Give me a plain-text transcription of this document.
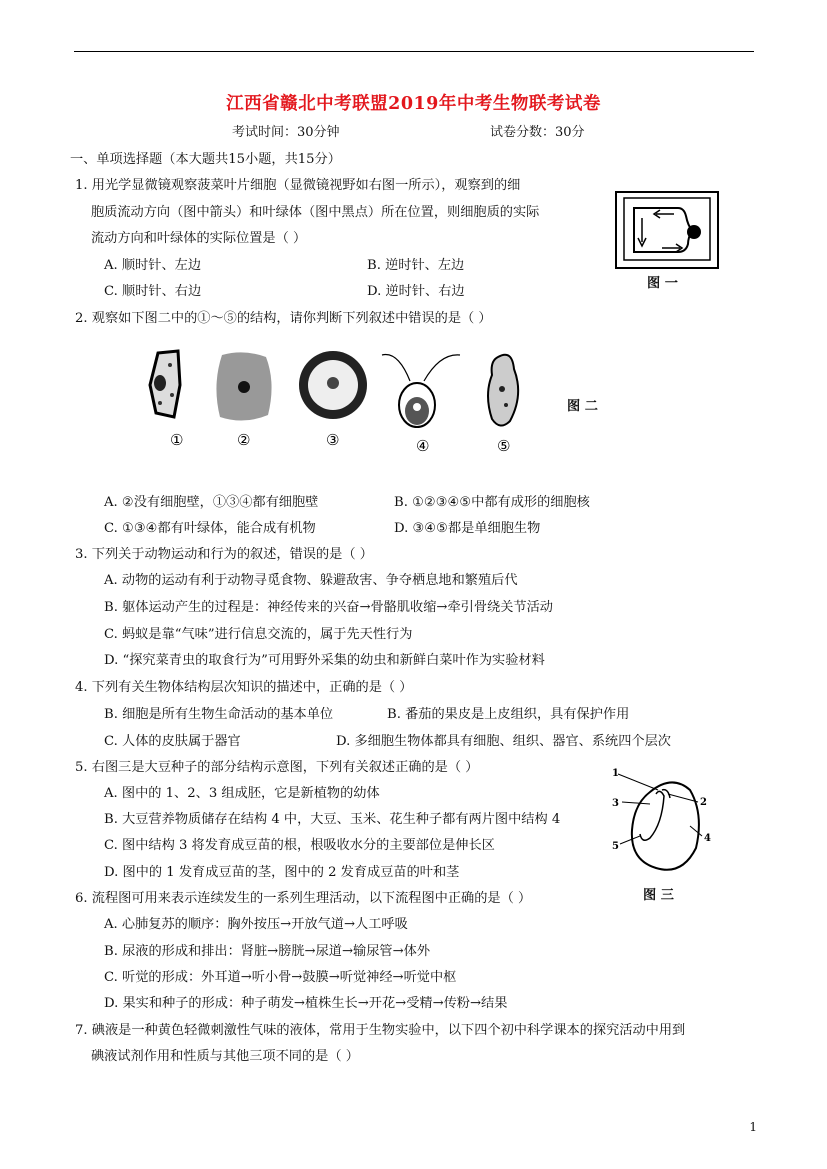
江西省赣北中考联盟2019年中考生物联考试卷
考试时间：30分钟	试卷分数：30分
一、单项选择题（本大题共15小题，共15分）
1. 用光学显微镜观察菠菜叶片细胞（显微镜视野如右图一所示），观察到的细
胞质流动方向（图中箭头）和叶绿体（图中黑点）所在位置，则细胞质的实际
流动方向和叶绿体的实际位置是（ ）
A. 顺时针、左边	B. 逆时针、左边
C. 顺时针、右边	D. 逆时针、右边
图 一
2. 观察如下图二中的①～⑤的结构，请你判断下列叙述中错误的是（ ）
①	②	③	④	⑤
图 二
A. ②没有细胞壁，①③④都有细胞壁	B. ①②③④⑤中都有成形的细胞核
C. ①③④都有叶绿体，能合成有机物	D. ③④⑤都是单细胞生物
3. 下列关于动物运动和行为的叙述，错误的是（ ）
A. 动物的运动有利于动物寻觅食物、躲避敌害、争夺栖息地和繁殖后代
B. 躯体运动产生的过程是：神经传来的兴奋→骨骼肌收缩→牵引骨绕关节活动
C. 蚂蚁是靠“气味”进行信息交流的，属于先天性行为
D. “探究菜青虫的取食行为”可用野外采集的幼虫和新鲜白菜叶作为实验材料
4. 下列有关生物体结构层次知识的描述中，正确的是（ ）
B. 细胞是所有生物生命活动的基本单位	B. 番茄的果皮是上皮组织，具有保护作用
C. 人体的皮肤属于器官	D. 多细胞生物体都具有细胞、组织、器官、系统四个层次
5. 右图三是大豆种子的部分结构示意图，下列有关叙述正确的是（ ）
A. 图中的 1、2、3 组成胚，它是新植物的幼体
B. 大豆营养物质储存在结构 4 中，大豆、玉米、花生种子都有两片图中结构 4
C. 图中结构 3 将发育成豆苗的根，根吸收水分的主要部位是伸长区
D. 图中的 1 发育成豆苗的茎，图中的 2 发育成豆苗的叶和茎
1
2
3
4
5
图 三
6. 流程图可用来表示连续发生的一系列生理活动，以下流程图中正确的是（ ）
A. 心肺复苏的顺序：胸外按压→开放气道→人工呼吸
B. 尿液的形成和排出：肾脏→膀胱→尿道→输尿管→体外
C. 听觉的形成：外耳道→听小骨→鼓膜→听觉神经→听觉中枢
D. 果实和种子的形成：种子萌发→植株生长→开花→受精→传粉→结果
7. 碘液是一种黄色轻微刺激性气味的液体，常用于生物实验中，以下四个初中科学课本的探究活动中用到
碘液试剂作用和性质与其他三项不同的是（ ）
1
